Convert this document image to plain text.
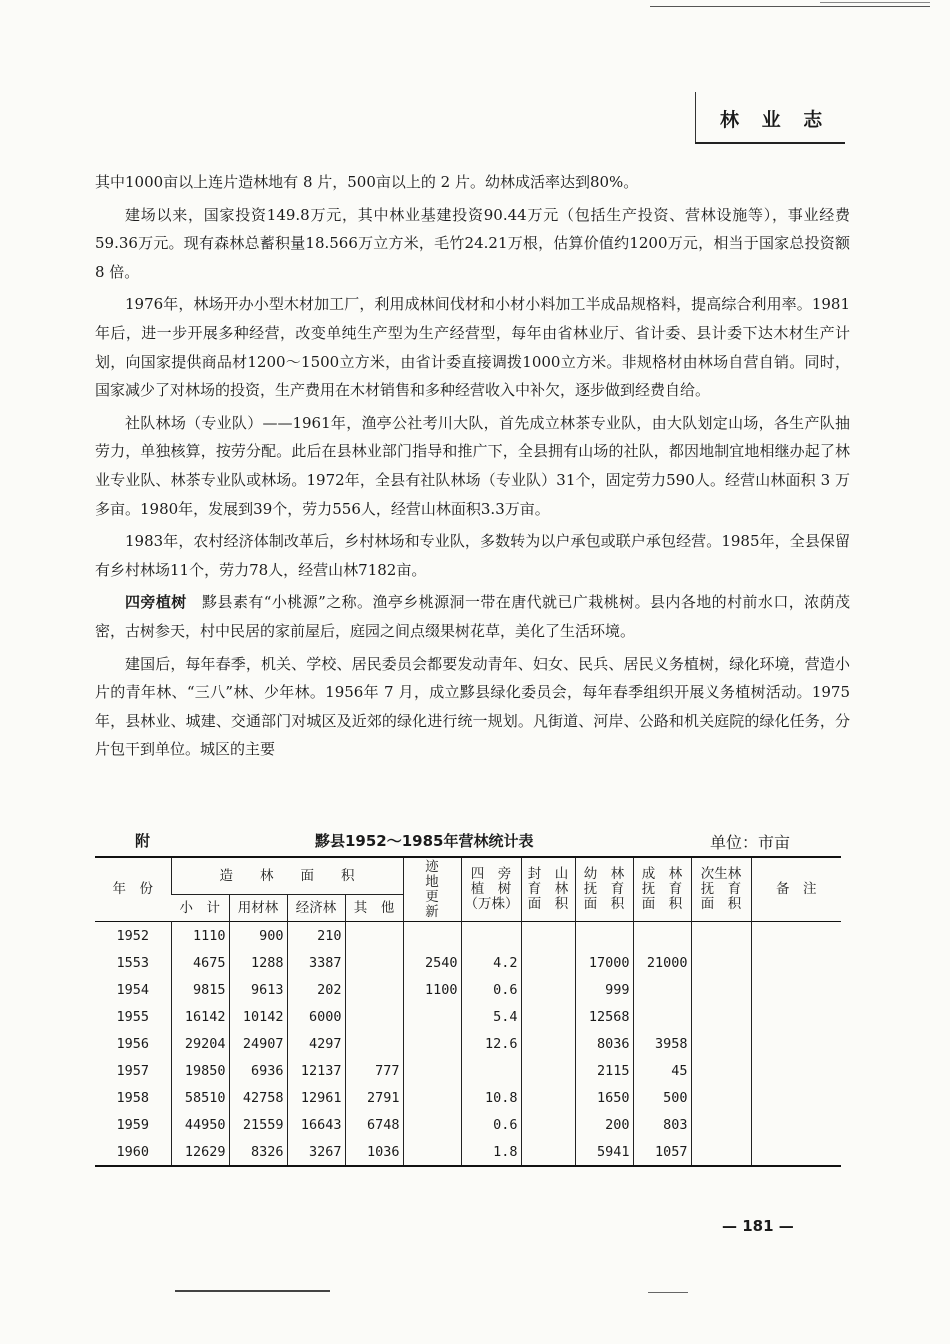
林 业 志

其中1000亩以上连片造林地有 8 片，500亩以上的 2 片。幼林成活率达到80%。

建场以来，国家投资149.8万元，其中林业基建投资90.44万元（包括生产投资、营林设施等），事业经费59.36万元。现有森林总蓄积量18.566万立方米，毛竹24.21万根，估算价值约1200万元，相当于国家总投资额 8 倍。

1976年，林场开办小型木材加工厂，利用成林间伐材和小材小料加工半成品规格料，提高综合利用率。1981年后，进一步开展多种经营，改变单纯生产型为生产经营型，每年由省林业厅、省计委、县计委下达木材生产计划，向国家提供商品材1200～1500立方米，由省计委直接调拨1000立方米。非规格材由林场自营自销。同时，国家减少了对林场的投资，生产费用在木材销售和多种经营收入中补欠，逐步做到经费自给。

社队林场（专业队）——1961年，渔亭公社考川大队，首先成立林茶专业队，由大队划定山场，各生产队抽劳力，单独核算，按劳分配。此后在县林业部门指导和推广下，全县拥有山场的社队，都因地制宜地相继办起了林业专业队、林茶专业队或林场。1972年，全县有社队林场（专业队）31个，固定劳力590人。经营山林面积 3 万多亩。1980年，发展到39个，劳力556人，经营山林面积3.3万亩。

1983年，农村经济体制改革后，乡村林场和专业队，多数转为以户承包或联户承包经营。1985年，全县保留有乡村林场11个，劳力78人，经营山林7182亩。

四旁植树　黟县素有“小桃源”之称。渔亭乡桃源洞一带在唐代就已广栽桃树。县内各地的村前水口，浓荫茂密，古树参天，村中民居的家前屋后，庭园之间点缀果树花草，美化了生活环境。

建国后，每年春季，机关、学校、居民委员会都要发动青年、妇女、民兵、居民义务植树，绿化环境，营造小片的青年林、“三八”林、少年林。1956年 7 月，成立黟县绿化委员会，每年春季组织开展义务植树活动。1975年，县林业、城建、交通部门对城区及近郊的绿化进行统一规划。凡街道、河岸、公路和机关庭院的绿化任务，分片包干到单位。城区的主要

附	黟县1952～1985年营林统计表	单位：市亩
年　份	造　　林　　面　　积				迹地更新	四　旁植　树（万株）	封　山育　林面　积	幼　林抚　育面　积	成　林抚　育面　积	次生林抚　育面　积	备　注
	小　计	用材林	经济林	其　他							
1952	1110	900	210								
1553	4675	1288	3387		2540	4.2		17000	21000		
1954	9815	9613	202		1100	0.6		999			
1955	16142	10142	6000			5.4		12568			
1956	29204	24907	4297			12.6		8036	3958		
1957	19850	6936	12137	777				2115	45		
1958	58510	42758	12961	2791		10.8		1650	500		
1959	44950	21559	16643	6748		0.6		200	803		
1960	12629	8326	3267	1036		1.8		5941	1057		
— 181 —
